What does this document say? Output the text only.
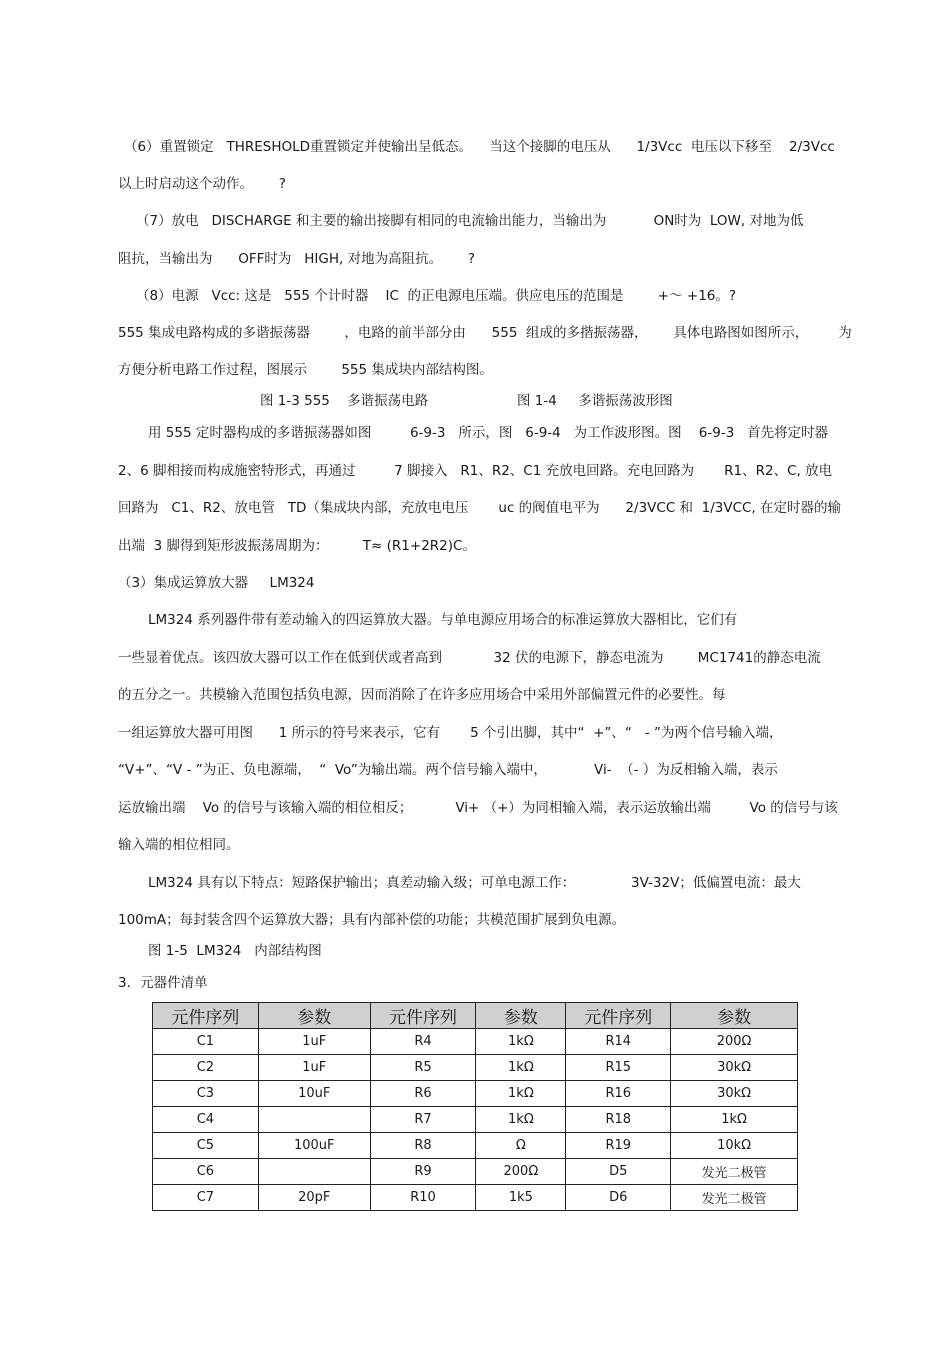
（6）重置锁定   THRESHOLD重置锁定并使输出呈低态。    当这个接脚的电压从      1/3Vcc  电压以下移至    2/3Vcc
以上时启动这个动作。      ?
（7）放电   DISCHARGE 和主要的输出接脚有相同的电流输出能力，当输出为           ON时为  LOW, 对地为低
阻抗，当输出为      OFF时为   HIGH, 对地为高阻抗。      ?
（8）电源   Vcc: 这是   555 个计时器    IC  的正电源电压端。供应电压的范围是        +～ +16。?
555 集成电路构成的多谐振荡器        ，电路的前半部分由      555  组成的多揩振荡器，      具体电路图如图所示，       为
方便分析电路工作过程，图展示        555 集成块内部结构图。
图 1-3 555    多谐振荡电路	图 1-4     多谐振荡波形图
用 555 定时器构成的多谐振荡器如图         6-9-3   所示，图   6-9-4   为工作波形图。图    6-9-3   首先将定时器
2、6 脚相接而构成施密特形式，再通过         7 脚接入   R1、R2、C1 充放电回路。充电回路为       R1、R2、C, 放电
回路为   C1、R2、放电管   TD（集成块内部，充放电电压       uc 的阀值电平为      2/3VCC 和  1/3VCC, 在定时器的输
出端  3 脚得到矩形波振荡周期为：        T≈ (R1+2R2)C。
（3）集成运算放大器     LM324
LM324 系列器件带有差动输入的四运算放大器。与单电源应用场合的标准运算放大器相比，它们有
一些显着优点。该四放大器可以工作在低到伏或者高到            32 伏的电源下，静态电流为        MC1741的静态电流
的五分之一。共模输入范围包括负电源，因而消除了在许多应用场合中采用外部偏置元件的必要性。每
一组运算放大器可用图      1 所示的符号来表示，它有       5 个引出脚，其中“  +”、“   - ”为两个信号输入端，
“V+”、“V - ”为正、负电源端，  “  Vo”为输出端。两个信号输入端中，           Vi-  （- ）为反相输入端，表示
运放输出端    Vo 的信号与该输入端的相位相反；          Vi+ （+）为同相输入端，表示运放输出端         Vo 的信号与该
输入端的相位相同。
LM324 具有以下特点：短路保护输出；真差动输入级；可单电源工作：             3V-32V；低偏置电流：最大
100mA；每封装含四个运算放大器；具有内部补偿的功能；共模范围扩展到负电源。
图 1-5  LM324   内部结构图
3．元器件清单
元件序列	参数	元件序列	参数	元件序列	参数
C1	1uF	R4	1kΩ	R14	200Ω
C2	1uF	R5	1kΩ	R15	30kΩ
C3	10uF	R6	1kΩ	R16	30kΩ
C4		R7	1kΩ	R18	1kΩ
C5	100uF	R8	Ω	R19	10kΩ
C6		R9	200Ω	D5	发光二极管
C7	20pF	R10	1k5	D6	发光二极管
